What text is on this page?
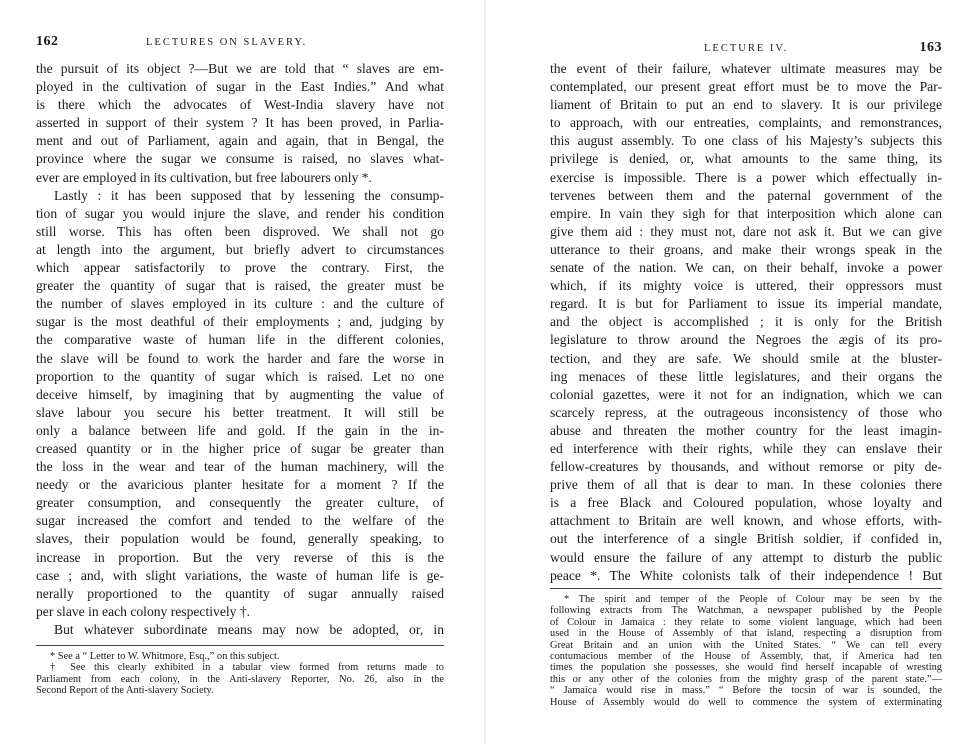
162	LECTURES ON SLAVERY.
the pursuit of its object ?—But we are told that “ slaves are em-
ployed in the cultivation of sugar in the East Indies.” And what
is there which the advocates of West-India slavery have not
asserted in support of their system ? It has been proved, in Parlia-
ment and out of Parliament, again and again, that in Bengal, the
province where the sugar we consume is raised, no slaves what-
ever are employed in its cultivation, but free labourers only *.
Lastly : it has been supposed that by lessening the consump-
tion of sugar you would injure the slave, and render his condition
still worse. This has often been disproved. We shall not go
at length into the argument, but briefly advert to circumstances
which appear satisfactorily to prove the contrary. First, the
greater the quantity of sugar that is raised, the greater must be
the number of slaves employed in its culture : and the culture of
sugar is the most deathful of their employments ; and, judging by
the comparative waste of human life in the different colonies,
the slave will be found to work the harder and fare the worse in
proportion to the quantity of sugar which is raised. Let no one
deceive himself, by imagining that by augmenting the value of
slave labour you secure his better treatment. It will still be
only a balance between life and gold. If the gain in the in-
creased quantity or in the higher price of sugar be greater than
the loss in the wear and tear of the human machinery, will the
needy or the avaricious planter hesitate for a moment ? If the
greater consumption, and consequently the greater culture, of
sugar increased the comfort and tended to the welfare of the
slaves, their population would be found, generally speaking, to
increase in proportion. But the very reverse of this is the
case ; and, with slight variations, the waste of human life is ge-
nerally proportioned to the quantity of sugar annually raised
per slave in each colony respectively †.
But whatever subordinate means may now be adopted, or, in
* See a “ Letter to W. Whitmore, Esq.,” on this subject.
† See this clearly exhibited in a tabular view formed from returns made to
Parliament from each colony, in the Anti-slavery Reporter, No. 26, also in the
Second Report of the Anti-slavery Society.
LECTURE IV.	163
the event of their failure, whatever ultimate measures may be
contemplated, our present great effort must be to move the Par-
liament of Britain to put an end to slavery. It is our privilege
to approach, with our entreaties, complaints, and remonstrances,
this august assembly. To one class of his Majesty’s subjects this
privilege is denied, or, what amounts to the same thing, its
exercise is impossible. There is a power which effectually in-
tervenes between them and the paternal government of the
empire. In vain they sigh for that interposition which alone can
give them aid : they must not, dare not ask it. But we can give
utterance to their groans, and make their wrongs speak in the
senate of the nation. We can, on their behalf, invoke a power
which, if its mighty voice is uttered, their oppressors must
regard. It is but for Parliament to issue its imperial mandate,
and the object is accomplished ; it is only for the British
legislature to throw around the Negroes the ægis of its pro-
tection, and they are safe. We should smile at the bluster-
ing menaces of these little legislatures, and their organs the
colonial gazettes, were it not for an indignation, which we can
scarcely repress, at the outrageous inconsistency of those who
abuse and threaten the mother country for the least imagin-
ed interference with their rights, while they can enslave their
fellow-creatures by thousands, and without remorse or pity de-
prive them of all that is dear to man. In these colonies there
is a free Black and Coloured population, whose loyalty and
attachment to Britain are well known, and whose efforts, with-
out the interference of a single British soldier, if confided in,
would ensure the failure of any attempt to disturb the public
peace *. The White colonists talk of their independence ! But
* The spirit and temper of the People of Colour may be seen by the
following extracts from The Watchman, a newspaper published by the People
of Colour in Jamaica : they relate to some violent language, which had been
used in the House of Assembly of that island, respecting a disruption from
Great Britain and an union with the United States. “ We can tell every
contumacious member of the House of Assembly, that, if America had ten
times the population she possesses, she would find herself incapable of wresting
this or any other of the colonies from the mighty grasp of the parent state.”—
“ Jamaica would rise in mass.” “ Before the tocsin of war is sounded, the
House of Assembly would do well to commence the system of exterminating
